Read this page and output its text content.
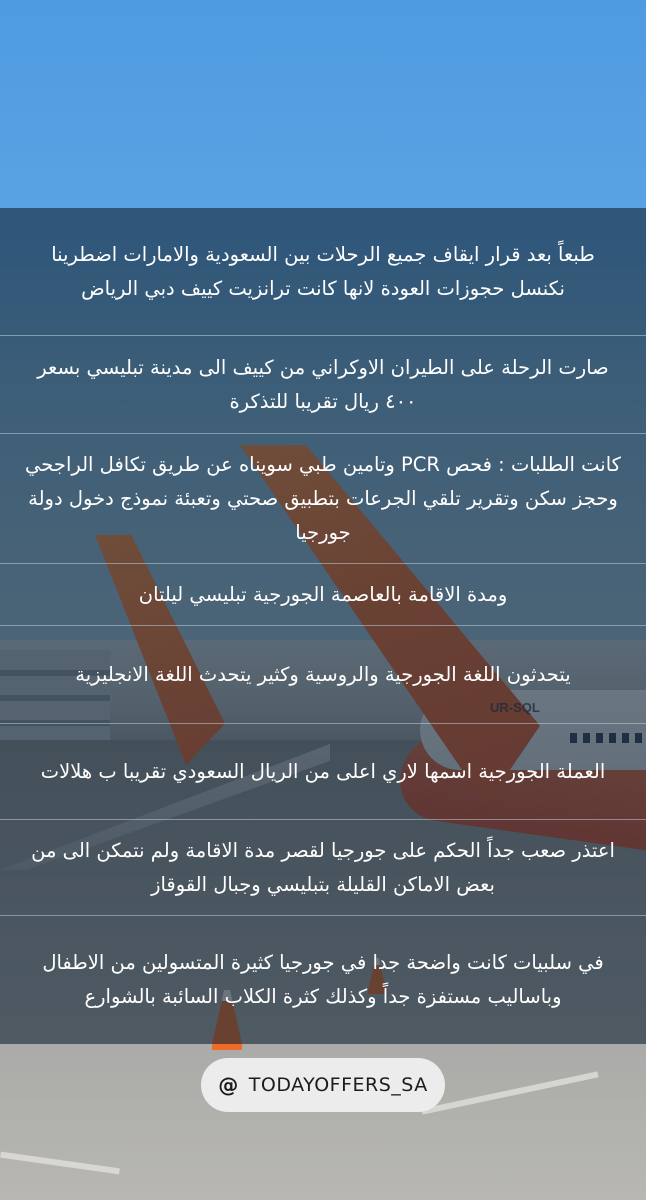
طبعاً بعد قرار ايقاف جميع الرحلات بين السعودية والامارات اضطرينا نكنسل حجوزات العودة لانها كانت ترانزيت كييف دبي الرياض
صارت الرحلة على الطيران الاوكراني من كييف الى مدينة تبليسي بسعر ٤٠٠ ريال تقريبا للتذكرة
كانت الطلبات : فحص PCR وتامين طبي سويناه عن طريق تكافل الراجحي وحجز سكن وتقرير تلقي الجرعات بتطبيق صحتي وتعبئة نموذج دخول دولة جورجيا
ومدة الاقامة بالعاصمة الجورجية تبليسي ليلتان
يتحدثون اللغة الجورجية والروسية وكثير يتحدث اللغة الانجليزية
العملة الجورجية اسمها لاري اعلى من الريال السعودي تقريبا ب هلالات
اعتذر صعب جداً الحكم على جورجيا لقصر مدة الاقامة ولم نتمكن الى من بعض الاماكن القليلة بتبليسي وجبال القوقاز
في سلبيات كانت واضحة جدا في جورجيا كثيرة المتسولين من الاطفال وباساليب مستفزة جداً وكذلك كثرة الكلاب السائبة بالشوارع
@ TODAYOFFERS_SA
UR-SQL
